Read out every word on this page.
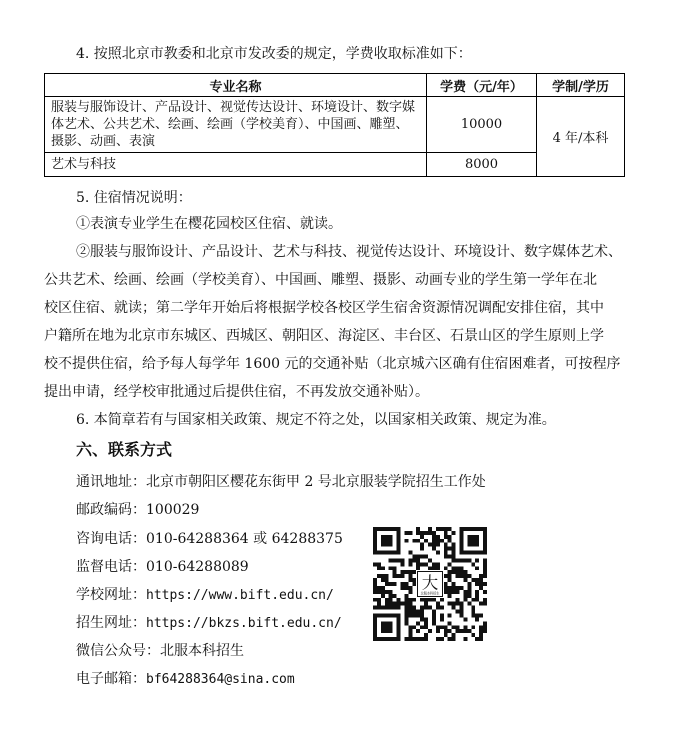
4. 按照北京市教委和北京市发改委的规定，学费收取标准如下：
专业名称	学费（元/年）	学制/学历
服装与服饰设计、产品设计、视觉传达设计、环境设计、数字媒体艺术、公共艺术、绘画、绘画（学校美育）、中国画、雕塑、摄影、动画、表演	10000	4 年/本科
艺术与科技	8000	
5. 住宿情况说明：
①表演专业学生在樱花园校区住宿、就读。
②服装与服饰设计、产品设计、艺术与科技、视觉传达设计、环境设计、数字媒体艺术、
公共艺术、绘画、绘画（学校美育）、中国画、雕塑、摄影、动画专业的学生第一学年在北
校区住宿、就读；第二学年开始后将根据学校各校区学生宿舍资源情况调配安排住宿，其中
户籍所在地为北京市东城区、西城区、朝阳区、海淀区、丰台区、石景山区的学生原则上学
校不提供住宿，给予每人每学年 1600 元的交通补贴（北京城六区确有住宿困难者，可按程序
提出申请，经学校审批通过后提供住宿，不再发放交通补贴）。
6. 本简章若有与国家相关政策、规定不符之处，以国家相关政策、规定为准。
六、联系方式
通讯地址：北京市朝阳区樱花东街甲 2 号北京服装学院招生工作处
邮政编码：100029
咨询电话：010-64288364 或 64288375
监督电话：010-64288089
学校网址：https://www.bift.edu.cn/
招生网址：https://bkzs.bift.edu.cn/
微信公众号：北服本科招生
电子邮箱：bf64288364@sina.com
大
